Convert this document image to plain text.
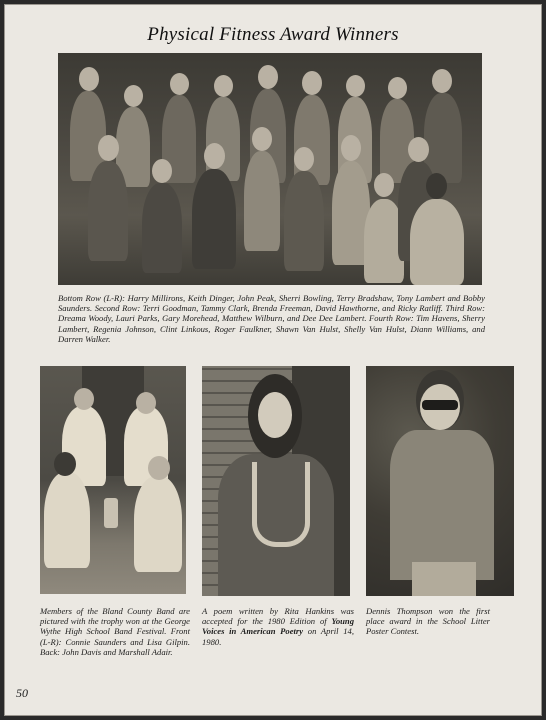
Physical Fitness Award Winners

Bottom Row (L-R): Harry Millirons, Keith Dinger, John Peak, Sherri Bowling, Terry Bradshaw, Tony Lambert and Bobby Saunders. Second Row: Terri Goodman, Tammy Clark, Brenda Freeman, David Hawthorne, and Ricky Ratliff. Third Row: Dreama Woody, Lauri Parks, Gary Morehead, Matthew Wilburn, and Dee Dee Lambert. Fourth Row: Tim Havens, Sherry Lambert, Regenia Johnson, Clint Linkous, Roger Faulkner, Shawn Van Hulst, Shelly Van Hulst, Diann Williams, and Darren Walker.

Members of the Bland County Band are pictured with the trophy won at the George Wythe High School Band Festival. Front (L-R): Connie Saunders and Lisa Gilpin. Back: John Davis and Marshall Adair.

A poem written by Rita Hankins was accepted for the 1980 Edition of Young Voices in American Poetry on April 14, 1980.

Dennis Thompson won the first place award in the School Litter Poster Contest.

50
